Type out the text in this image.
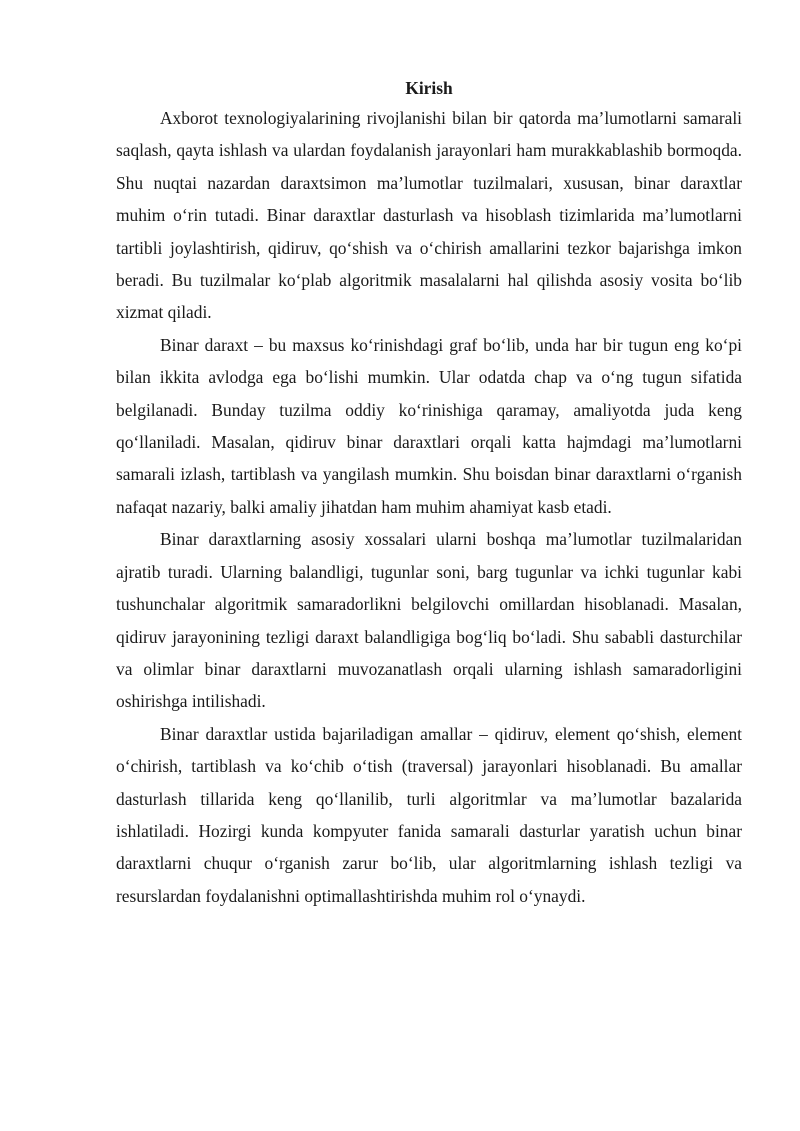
Kirish

Axborot texnologiyalarining rivojlanishi bilan bir qatorda ma’lumotlarni samarali saqlash, qayta ishlash va ulardan foydalanish jarayonlari ham murakkablashib bormoqda. Shu nuqtai nazardan daraxtsimon ma’lumotlar tuzilmalari, xususan, binar daraxtlar muhim o‘rin tutadi. Binar daraxtlar dasturlash va hisoblash tizimlarida ma’lumotlarni tartibli joylashtirish, qidiruv, qo‘shish va o‘chirish amallarini tezkor bajarishga imkon beradi. Bu tuzilmalar ko‘plab algoritmik masalalarni hal qilishda asosiy vosita bo‘lib xizmat qiladi.

Binar daraxt – bu maxsus ko‘rinishdagi graf bo‘lib, unda har bir tugun eng ko‘pi bilan ikkita avlodga ega bo‘lishi mumkin. Ular odatda chap va o‘ng tugun sifatida belgilanadi. Bunday tuzilma oddiy ko‘rinishiga qaramay, amaliyotda juda keng qo‘llaniladi. Masalan, qidiruv binar daraxtlari orqali katta hajmdagi ma’lumotlarni samarali izlash, tartiblash va yangilash mumkin. Shu boisdan binar daraxtlarni o‘rganish nafaqat nazariy, balki amaliy jihatdan ham muhim ahamiyat kasb etadi.

Binar daraxtlarning asosiy xossalari ularni boshqa ma’lumotlar tuzilmalaridan ajratib turadi. Ularning balandligi, tugunlar soni, barg tugunlar va ichki tugunlar kabi tushunchalar algoritmik samaradorlikni belgilovchi omillardan hisoblanadi. Masalan, qidiruv jarayonining tezligi daraxt balandligiga bog‘liq bo‘ladi. Shu sababli dasturchilar va olimlar binar daraxtlarni muvozanatlash orqali ularning ishlash samaradorligini oshirishga intilishadi.

Binar daraxtlar ustida bajariladigan amallar – qidiruv, element qo‘shish, element o‘chirish, tartiblash va ko‘chib o‘tish (traversal) jarayonlari hisoblanadi. Bu amallar dasturlash tillarida keng qo‘llanilib, turli algoritmlar va ma’lumotlar bazalarida ishlatiladi. Hozirgi kunda kompyuter fanida samarali dasturlar yaratish uchun binar daraxtlarni chuqur o‘rganish zarur bo‘lib, ular algoritmlarning ishlash tezligi va resurslardan foydalanishni optimallashtirishda muhim rol o‘ynaydi.
